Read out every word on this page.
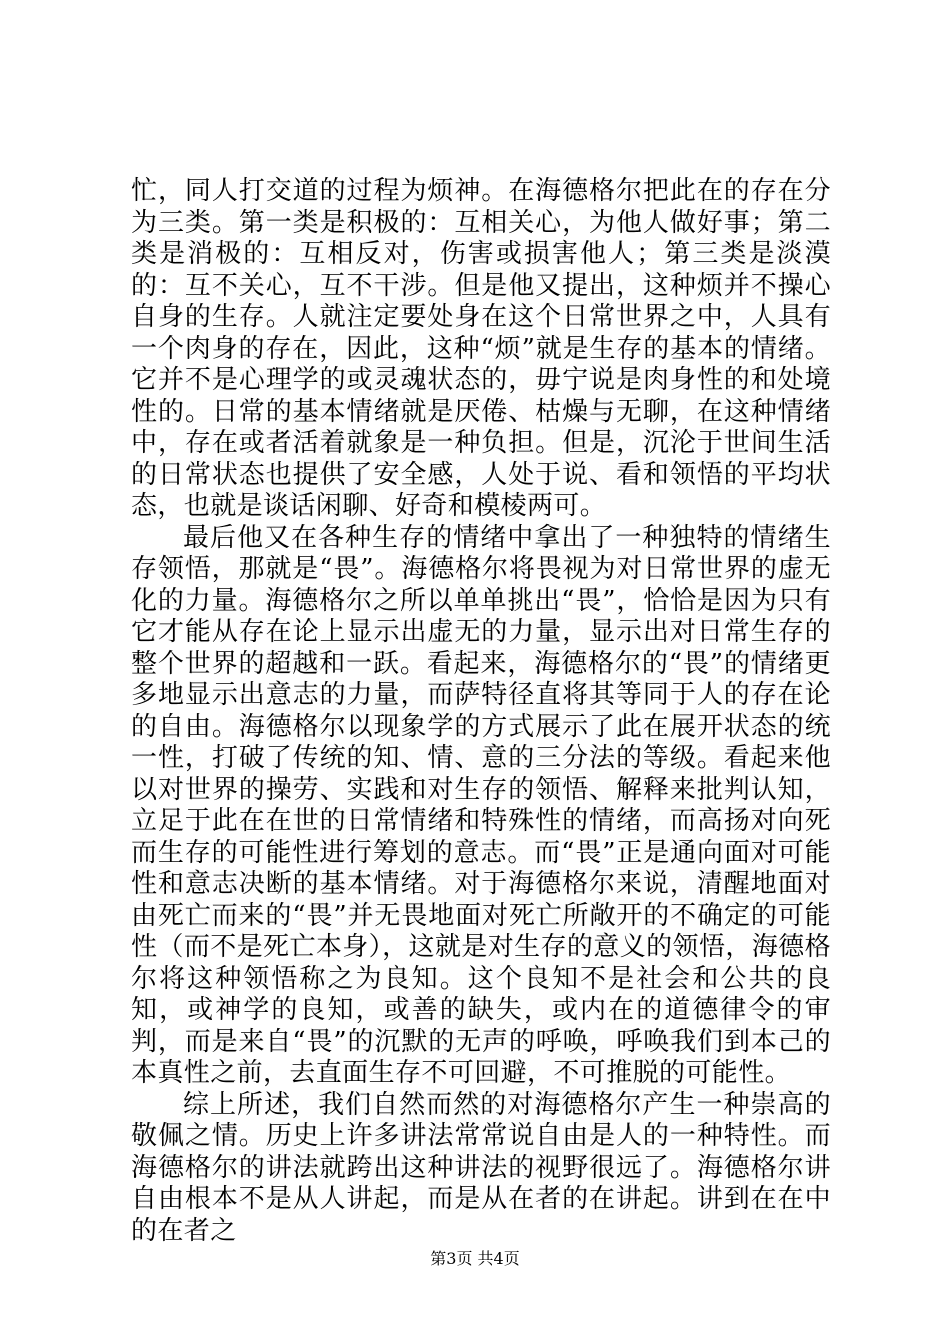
忙，同人打交道的过程为烦神。在海德格尔把此在的存在分为三类。第一类是积极的：互相关心，为他人做好事；第二类是消极的：互相反对，伤害或损害他人；第三类是淡漠的：互不关心，互不干涉。但是他又提出，这种烦并不操心自身的生存。人就注定要处身在这个日常世界之中，人具有一个肉身的存在，因此，这种“烦”就是生存的基本的情绪。它并不是心理学的或灵魂状态的，毋宁说是肉身性的和处境性的。日常的基本情绪就是厌倦、枯燥与无聊，在这种情绪中，存在或者活着就象是一种负担。但是，沉沦于世间生活的日常状态也提供了安全感，人处于说、看和领悟的平均状态，也就是谈话闲聊、好奇和模棱两可。

最后他又在各种生存的情绪中拿出了一种独特的情绪生存领悟，那就是“畏”。海德格尔将畏视为对日常世界的虚无化的力量。海德格尔之所以单单挑出“畏”，恰恰是因为只有它才能从存在论上显示出虚无的力量，显示出对日常生存的整个世界的超越和一跃。看起来，海德格尔的“畏”的情绪更多地显示出意志的力量，而萨特径直将其等同于人的存在论的自由。海德格尔以现象学的方式展示了此在展开状态的统一性，打破了传统的知、情、意的三分法的等级。看起来他以对世界的操劳、实践和对生存的领悟、解释来批判认知，立足于此在在世的日常情绪和特殊性的情绪，而高扬对向死而生存的可能性进行筹划的意志。而“畏”正是通向面对可能性和意志决断的基本情绪。对于海德格尔来说，清醒地面对由死亡而来的“畏”并无畏地面对死亡所敞开的不确定的可能性（而不是死亡本身），这就是对生存的意义的领悟，海德格尔将这种领悟称之为良知。这个良知不是社会和公共的良知，或神学的良知，或善的缺失，或内在的道德律令的审判，而是来自“畏”的沉默的无声的呼唤，呼唤我们到本己的本真性之前，去直面生存不可回避，不可推脱的可能性。

综上所述，我们自然而然的对海德格尔产生一种崇高的敬佩之情。历史上许多讲法常常说自由是人的一种特性。而海德格尔的讲法就跨出这种讲法的视野很远了。海德格尔讲自由根本不是从人讲起，而是从在者的在讲起。讲到在在中的在者之

第3页 共4页
